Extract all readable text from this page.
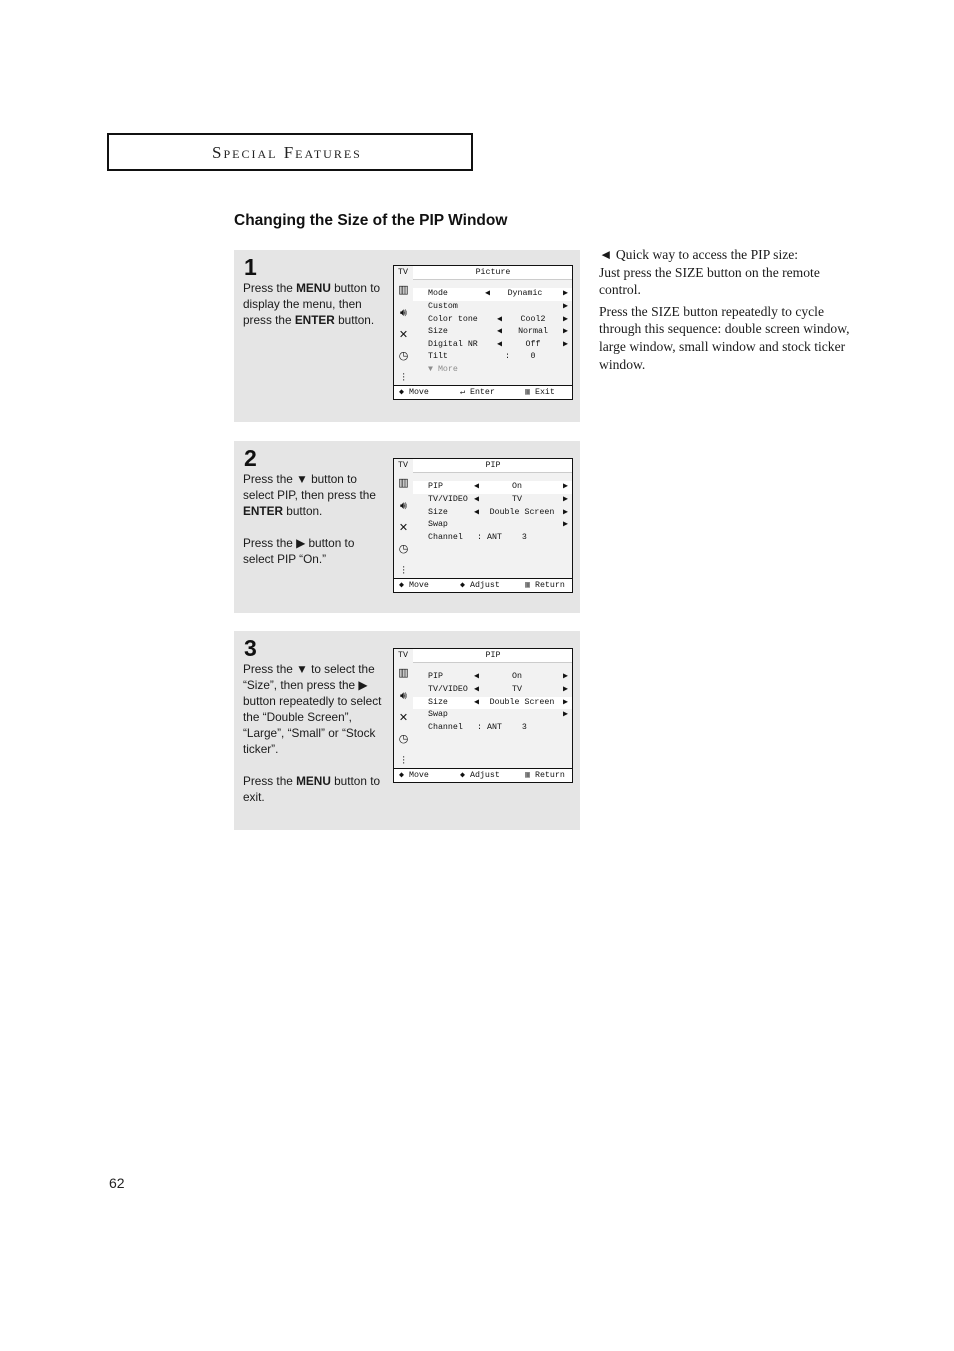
Special Features
Changing the Size of the PIP Window
1

Press the MENU button to display the menu, then press the ENTER button.

TV	Picture
▥
🔊︎
✕
◷
⫶
Mode	◀	Dynamic	▶
Custom	▶
Color tone ◀	Cool2	▶
Size	◀	Normal	▶
Digital NR ◀	Off	▶
Tilt	:	0
▼ More
◆ Move	↵ Enter	▥ Exit
2

Press the ▼ button to select PIP, then press the ENTER button.

Press the ▶ button to select PIP “On.”

TV	PIP
▥
🔊︎
✕
◷
⫶
PIP	◀	On	▶
TV/VIDEO ◀	TV	▶
Size	◀	Double Screen	▶
Swap	▶
Channel : ANT    3
◆ Move	◆ Adjust	▥ Return
3

Press the ▼ to select the “Size”, then press the ▶ button repeatedly to select the “Double Screen”, “Large”, “Small” or “Stock ticker”.

Press the MENU button to exit.

TV	PIP
▥
🔊︎
✕
◷
⫶
PIP	◀	On	▶
TV/VIDEO ◀	TV	▶
Size	◀	Double Screen	▶
Swap	▶
Channel : ANT    3
◆ Move	◆ Adjust	▥ Return

◄ Quick way to access the PIP size:
Just press the SIZE button on the remote control.

Press the SIZE button repeatedly to cycle through this sequence: double screen window, large window, small window and stock ticker window.

62
